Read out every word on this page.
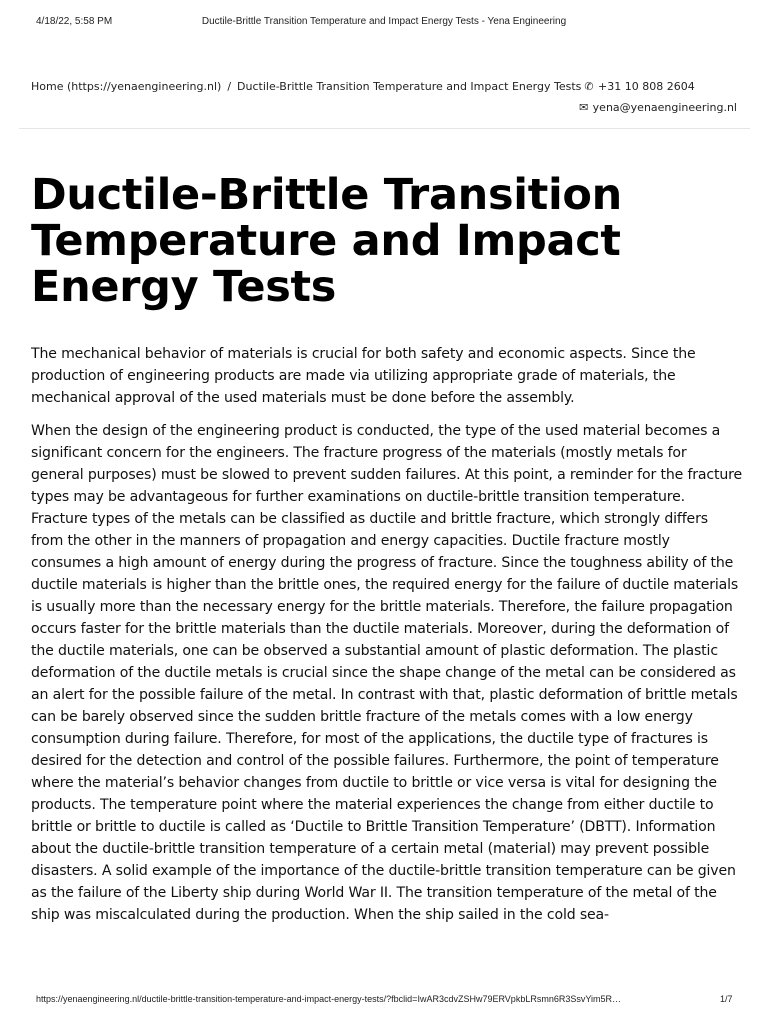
4/18/22, 5:58 PM	Ductile-Brittle Transition Temperature and Impact Energy Tests - Yena Engineering
Home (https://yenaengineering.nl) / Ductile-Brittle Transition Temperature and Impact Energy Tests ✆ +31 10 808 2604
✉ yena@yenaengineering.nl
Ductile-Brittle Transition Temperature and Impact Energy Tests

The mechanical behavior of materials is crucial for both safety and economic aspects. Since the production of engineering products are made via utilizing appropriate grade of materials, the mechanical approval of the used materials must be done before the assembly.

When the design of the engineering product is conducted, the type of the used material becomes a significant concern for the engineers. The fracture progress of the materials (mostly metals for general purposes) must be slowed to prevent sudden failures. At this point, a reminder for the fracture types may be advantageous for further examinations on ductile-brittle transition temperature. Fracture types of the metals can be classified as ductile and brittle fracture, which strongly differs from the other in the manners of propagation and energy capacities. Ductile fracture mostly consumes a high amount of energy during the progress of fracture. Since the toughness ability of the ductile materials is higher than the brittle ones, the required energy for the failure of ductile materials is usually more than the necessary energy for the brittle materials. Therefore, the failure propagation occurs faster for the brittle materials than the ductile materials. Moreover, during the deformation of the ductile materials, one can be observed a substantial amount of plastic deformation. The plastic deformation of the ductile metals is crucial since the shape change of the metal can be considered as an alert for the possible failure of the metal. In contrast with that, plastic deformation of brittle metals can be barely observed since the sudden brittle fracture of the metals comes with a low energy consumption during failure. Therefore, for most of the applications, the ductile type of fractures is desired for the detection and control of the possible failures. Furthermore, the point of temperature where the material’s behavior changes from ductile to brittle or vice versa is vital for designing the products. The temperature point where the material experiences the change from either ductile to brittle or brittle to ductile is called as ‘Ductile to Brittle Transition Temperature’ (DBTT). Information about the ductile-brittle transition temperature of a certain metal (material) may prevent possible disasters. A solid example of the importance of the ductile-brittle transition temperature can be given as the failure of the Liberty ship during World War II. The transition temperature of the metal of the ship was miscalculated during the production. When the ship sailed in the cold sea-

https://yenaengineering.nl/ductile-brittle-transition-temperature-and-impact-energy-tests/?fbclid=IwAR3cdvZSHw79ERVpkbLRsmn6R3SsvYim5R…	1/7
